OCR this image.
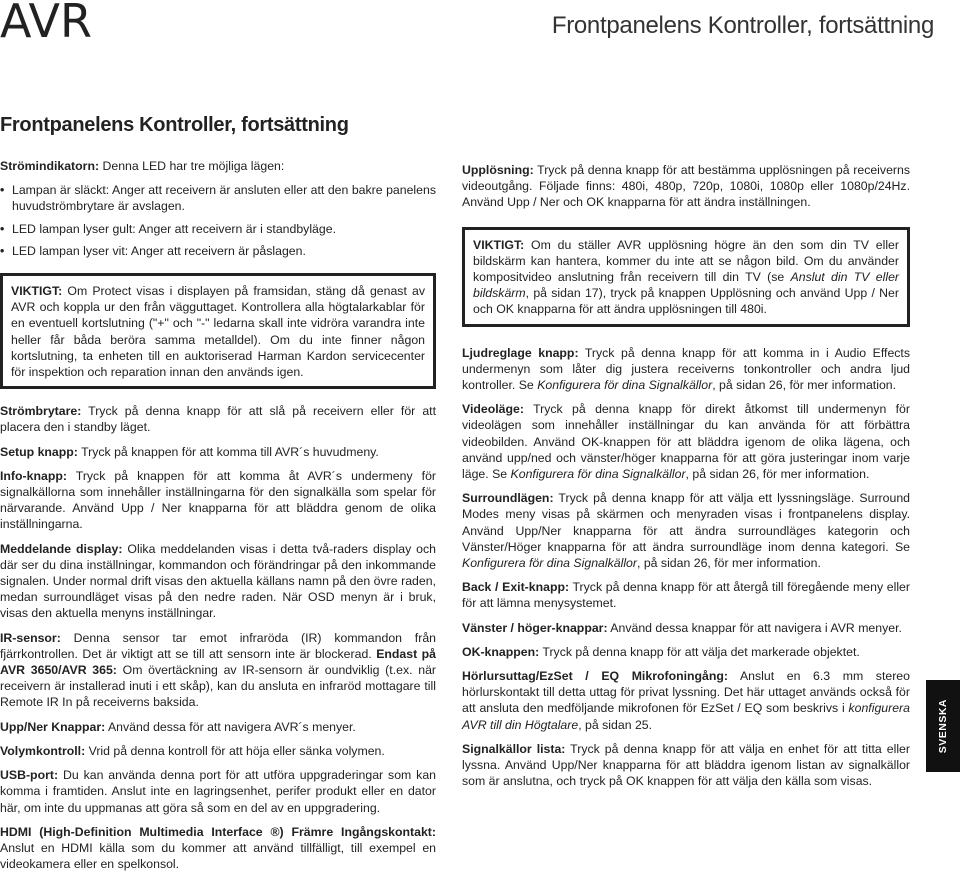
AVR	Frontpanelens Kontroller, fortsättning
Frontpanelens Kontroller, fortsättning

Strömindikatorn: Denna LED har tre möjliga lägen:

• Lampan är släckt: Anger att receivern är ansluten eller att den bakre panelens huvudströmbrytare är avslagen.
• LED lampan lyser gult: Anger att receivern är i standbyläge.
• LED lampan lyser vit: Anger att receivern är påslagen.

VIKTIGT: Om Protect visas i displayen på framsidan, stäng då genast av AVR och koppla ur den från vägguttaget. Kontrollera alla högtalarkablar för en eventuell kortslutning ("+" och "-" ledarna skall inte vidröra varandra inte heller får båda beröra samma metalldel). Om du inte finner någon kortslutning, ta enheten till en auktoriserad Harman Kardon servicecenter för inspektion och reparation innan den används igen.

Strömbrytare: Tryck på denna knapp för att slå på receivern eller för att placera den i standby läget.

Setup knapp: Tryck på knappen för att komma till AVR´s huvudmeny.

Info-knapp: Tryck på knappen för att komma åt AVR´s undermeny för signalkällorna som innehåller inställningarna för den signalkälla som spelar för närvarande. Använd Upp / Ner knapparna för att bläddra genom de olika inställningarna.

Meddelande display: Olika meddelanden visas i detta två-raders display och där ser du dina inställningar, kommandon och förändringar på den inkommande signalen. Under normal drift visas den aktuella källans namn på den övre raden, medan surroundläget visas på den nedre raden. När OSD menyn är i bruk, visas den aktuella menyns inställningar.

IR-sensor: Denna sensor tar emot infraröda (IR) kommandon från fjärrkontrollen. Det är viktigt att se till att sensorn inte är blockerad. Endast på AVR 3650/AVR 365: Om övertäckning av IR-sensorn är oundviklig (t.ex. när receivern är installerad inuti i ett skåp), kan du ansluta en infraröd mottagare till Remote IR In på receiverns baksida.

Upp/Ner Knappar: Använd dessa för att navigera AVR´s menyer.

Volymkontroll: Vrid på denna kontroll för att höja eller sänka volymen.

USB-port: Du kan använda denna port för att utföra uppgraderingar som kan komma i framtiden. Anslut inte en lagringsenhet, perifer produkt eller en dator här, om inte du uppmanas att göra så som en del av en uppgradering.

HDMI (High-Definition Multimedia Interface ®) Främre Ingångskontakt: Anslut en HDMI källa som du kommer att använd tillfälligt, till exempel en videokamera eller en spelkonsol.

Upplösning: Tryck på denna knapp för att bestämma upplösningen på receiverns videoutgång. Följade finns: 480i, 480p, 720p, 1080i, 1080p eller 1080p/24Hz. Använd Upp / Ner och OK knapparna för att ändra inställningen.

VIKTIGT: Om du ställer AVR upplösning högre än den som din TV eller bildskärm kan hantera, kommer du inte att se någon bild. Om du använder kompositvideo anslutning från receivern till din TV (se Anslut din TV eller bildskärm, på sidan 17), tryck på knappen Upplösning och använd Upp / Ner och OK knapparna för att ändra upplösningen till 480i.

Ljudreglage knapp: Tryck på denna knapp för att komma in i Audio Effects undermenyn som låter dig justera receiverns tonkontroller och andra ljud kontroller. Se Konfigurera för dina Signalkällor, på sidan 26, för mer information.

Videoläge: Tryck på denna knapp för direkt åtkomst till undermenyn för videolägen som innehåller inställningar du kan använda för att förbättra videobilden. Använd OK-knappen för att bläddra igenom de olika lägena, och använd upp/ned och vänster/höger knapparna för att göra justeringar inom varje läge. Se Konfigurera för dina Signalkällor, på sidan 26, för mer information.

Surroundlägen: Tryck på denna knapp för att välja ett lyssningsläge. Surround Modes meny visas på skärmen och menyraden visas i frontpanelens display. Använd Upp/Ner knapparna för att ändra surroundläges kategorin och Vänster/Höger knapparna för att ändra surroundläge inom denna kategori. Se Konfigurera för dina Signalkällor, på sidan 26, för mer information.

Back / Exit-knapp: Tryck på denna knapp för att återgå till föregående meny eller för att lämna menysystemet.

Vänster / höger-knappar: Använd dessa knappar för att navigera i AVR menyer.

OK-knappen: Tryck på denna knapp för att välja det markerade objektet.

Hörlursuttag/EzSet / EQ Mikrofoningång: Anslut en 6.3 mm stereo hörlurskontakt till detta uttag för privat lyssning. Det här uttaget används också för att ansluta den medföljande mikrofonen för EzSet / EQ som beskrivs i konfigurera AVR till din Högtalare, på sidan 25.

Signalkällor lista: Tryck på denna knapp för att välja en enhet för att titta eller lyssna. Använd Upp/Ner knapparna för att bläddra igenom listan av signalkällor som är anslutna, och tryck på OK knappen för att välja den källa som visas.

SVENSKA
